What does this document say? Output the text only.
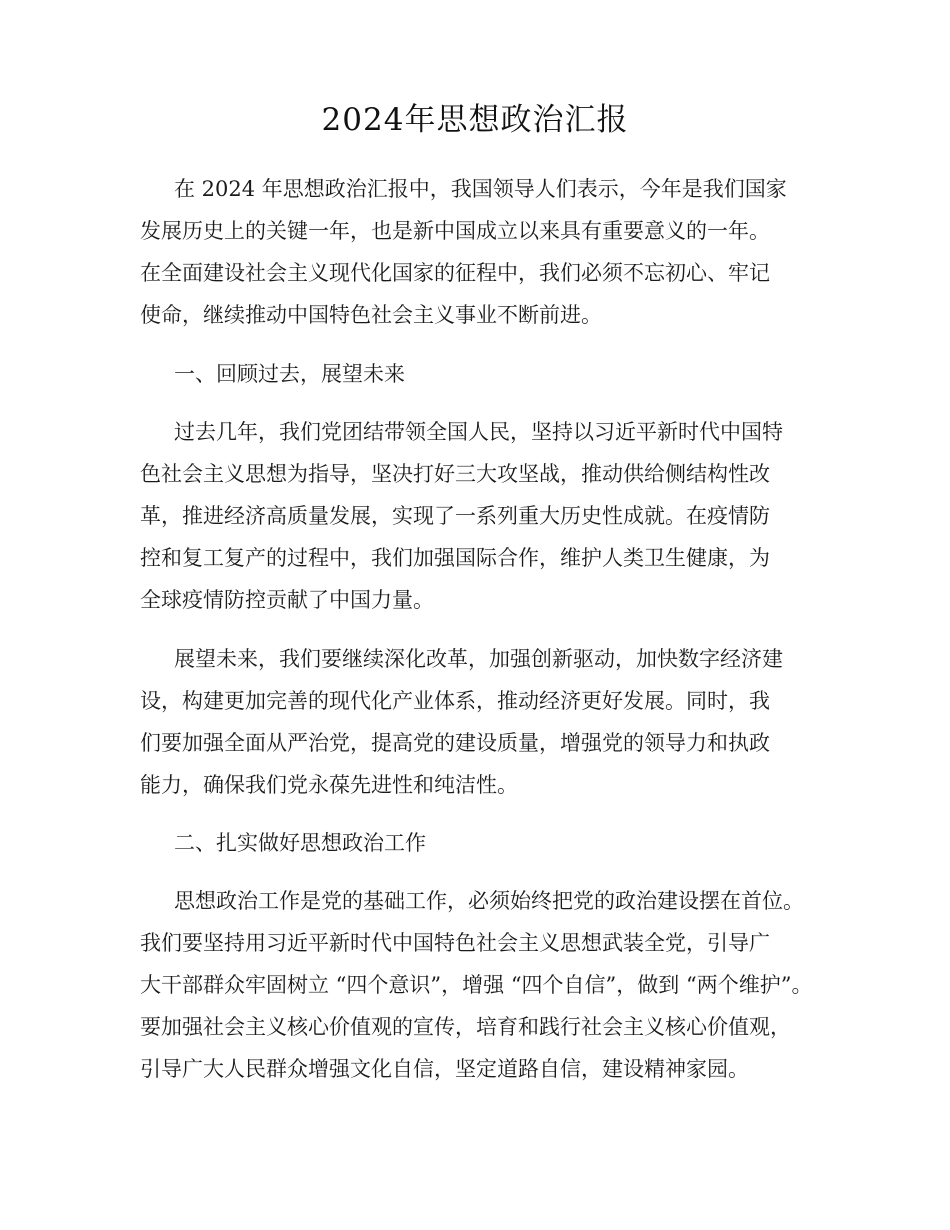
2024年思想政治汇报
在 2024 年思想政治汇报中，我国领导人们表示，今年是我们国家
发展历史上的关键一年，也是新中国成立以来具有重要意义的一年。
在全面建设社会主义现代化国家的征程中，我们必须不忘初心、牢记
使命，继续推动中国特色社会主义事业不断前进。
一、回顾过去，展望未来
过去几年，我们党团结带领全国人民，坚持以习近平新时代中国特
色社会主义思想为指导，坚决打好三大攻坚战，推动供给侧结构性改
革，推进经济高质量发展，实现了一系列重大历史性成就。在疫情防
控和复工复产的过程中，我们加强国际合作，维护人类卫生健康，为
全球疫情防控贡献了中国力量。
展望未来，我们要继续深化改革，加强创新驱动，加快数字经济建
设，构建更加完善的现代化产业体系，推动经济更好发展。同时，我
们要加强全面从严治党，提高党的建设质量，增强党的领导力和执政
能力，确保我们党永葆先进性和纯洁性。
二、扎实做好思想政治工作
思想政治工作是党的基础工作，必须始终把党的政治建设摆在首位。
我们要坚持用习近平新时代中国特色社会主义思想武装全党，引导广
大干部群众牢固树立 “四个意识”，增强 “四个自信”，做到 “两个维护”。
要加强社会主义核心价值观的宣传，培育和践行社会主义核心价值观，
引导广大人民群众增强文化自信，坚定道路自信，建设精神家园。
